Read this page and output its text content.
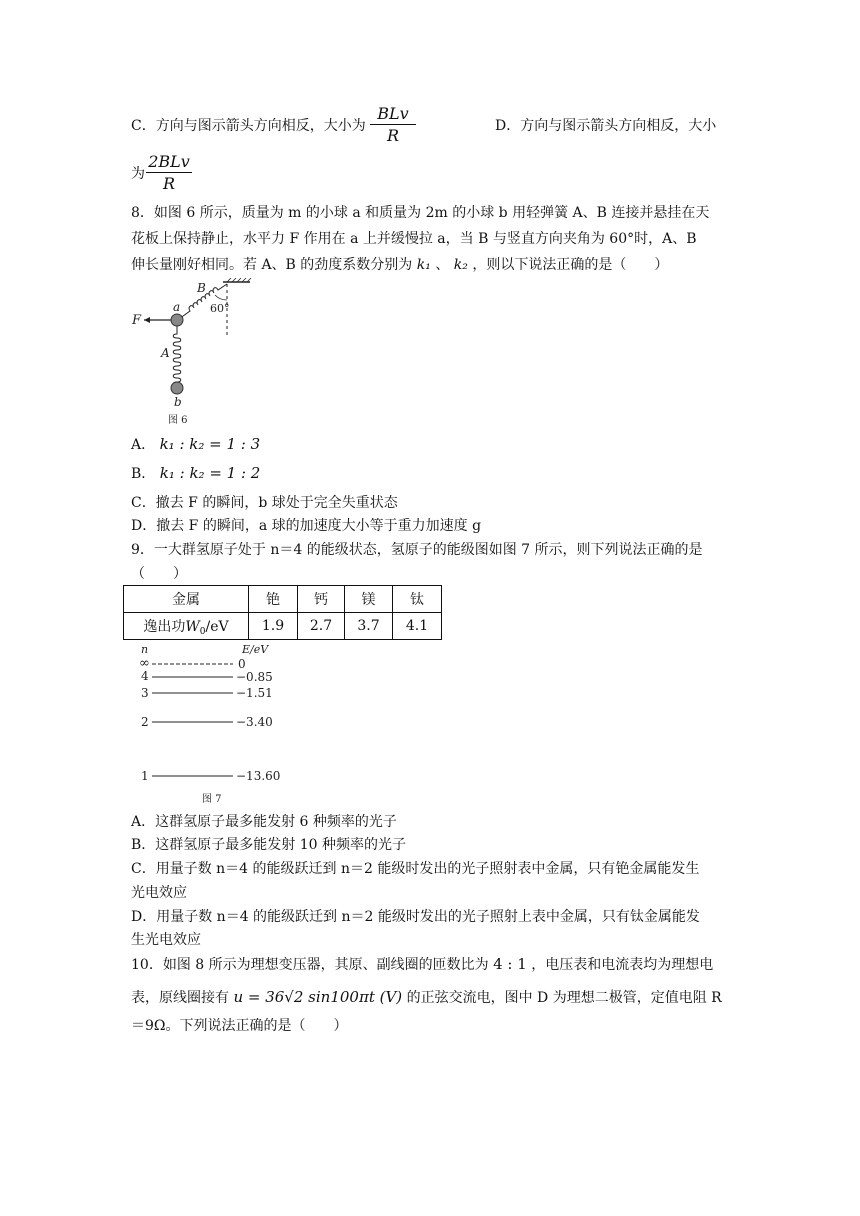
C．方向与图示箭头方向相反，大小为
BLv
R
D．方向与图示箭头方向相反，大小
为
2BLv
R
8．如图 6 所示，质量为 m 的小球 a 和质量为 2m 的小球 b 用轻弹簧 A、B 连接并悬挂在天
花板上保持静止，水平力 F 作用在 a 上并缓慢拉 a，当 B 与竖直方向夹角为 60°时，A、B
伸长量刚好相同。若 A、B 的劲度系数分别为 k₁ 、 k₂ ，则以下说法正确的是（　　）
F
a
B
A
b
60°
图 6
A． k₁ : k₂ = 1 : 3
B． k₁ : k₂ = 1 : 2
C．撤去 F 的瞬间，b 球处于完全失重状态
D．撤去 F 的瞬间，a 球的加速度大小等于重力加速度 g
9．一大群氢原子处于 n＝4 的能级状态，氢原子的能级图如图 7 所示，则下列说法正确的是
（　　）
金属	铯	钙	镁	钛
逸出功$W_0/eV$	1.9	2.7	3.7	4.1
n	E/eV
∞	0
4	−0.85
3	−1.51
2	−3.40
1	−13.60
图 7
A．这群氢原子最多能发射 6 种频率的光子
B．这群氢原子最多能发射 10 种频率的光子
C．用量子数 n＝4 的能级跃迁到 n＝2 能级时发出的光子照射表中金属，只有铯金属能发生
光电效应
D．用量子数 n＝4 的能级跃迁到 n＝2 能级时发出的光子照射上表中金属，只有钛金属能发
生光电效应
10．如图 8 所示为理想变压器，其原、副线圈的匝数比为 4 : 1 ，电压表和电流表均为理想电
表，原线圈接有 u = 36√2 sin100πt (V) 的正弦交流电，图中 D 为理想二极管，定值电阻 R
＝9Ω。下列说法正确的是（　　）
